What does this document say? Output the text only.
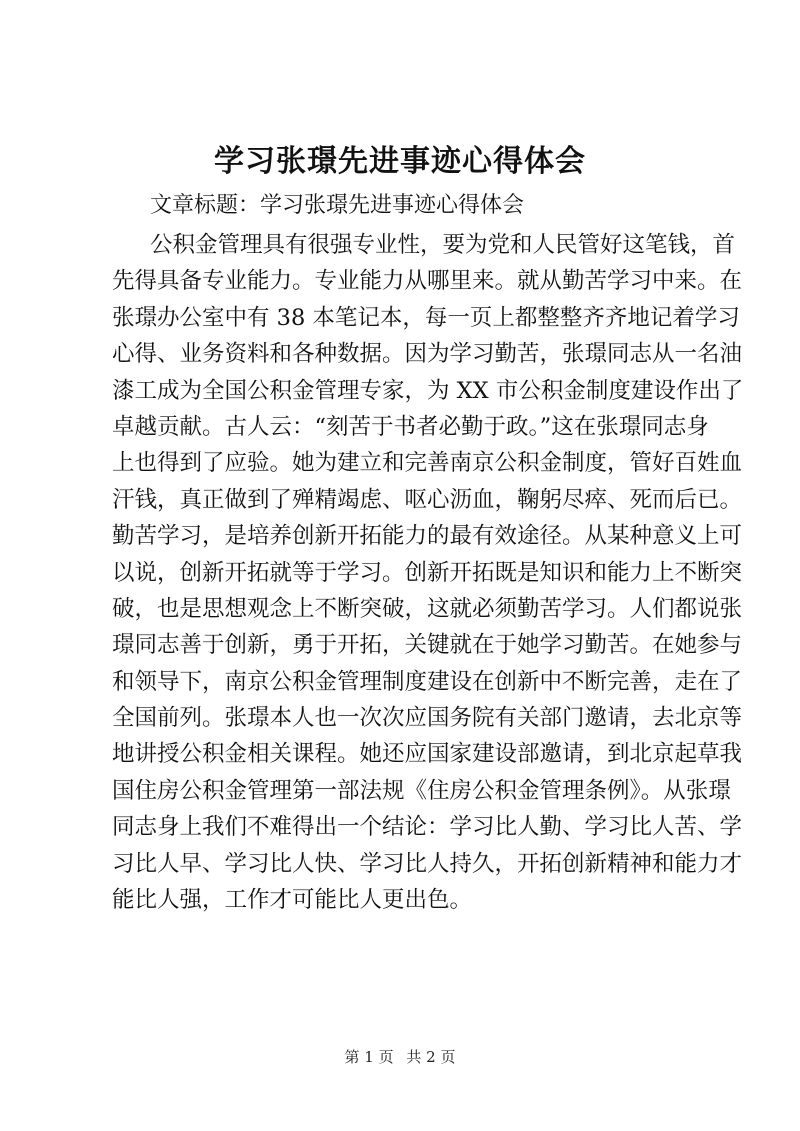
学习张璟先进事迹心得体会

文章标题：学习张璟先进事迹心得体会

公积金管理具有很强专业性，要为党和人民管好这笔钱，首
先得具备专业能力。专业能力从哪里来。就从勤苦学习中来。在
张璟办公室中有 38 本笔记本，每一页上都整整齐齐地记着学习
心得、业务资料和各种数据。因为学习勤苦，张璟同志从一名油
漆工成为全国公积金管理专家，为 XX 市公积金制度建设作出了
卓越贡献。古人云：“刻苦于书者必勤于政。”这在张璟同志身
上也得到了应验。她为建立和完善南京公积金制度，管好百姓血
汗钱，真正做到了殚精竭虑、呕心沥血，鞠躬尽瘁、死而后已。
勤苦学习，是培养创新开拓能力的最有效途径。从某种意义上可
以说，创新开拓就等于学习。创新开拓既是知识和能力上不断突
破，也是思想观念上不断突破，这就必须勤苦学习。人们都说张
璟同志善于创新，勇于开拓，关键就在于她学习勤苦。在她参与
和领导下，南京公积金管理制度建设在创新中不断完善，走在了
全国前列。张璟本人也一次次应国务院有关部门邀请，去北京等
地讲授公积金相关课程。她还应国家建设部邀请，到北京起草我
国住房公积金管理第一部法规《住房公积金管理条例》。从张璟
同志身上我们不难得出一个结论：学习比人勤、学习比人苦、学
习比人早、学习比人快、学习比人持久，开拓创新精神和能力才
能比人强，工作才可能比人更出色。
第 1 页 共 2 页
